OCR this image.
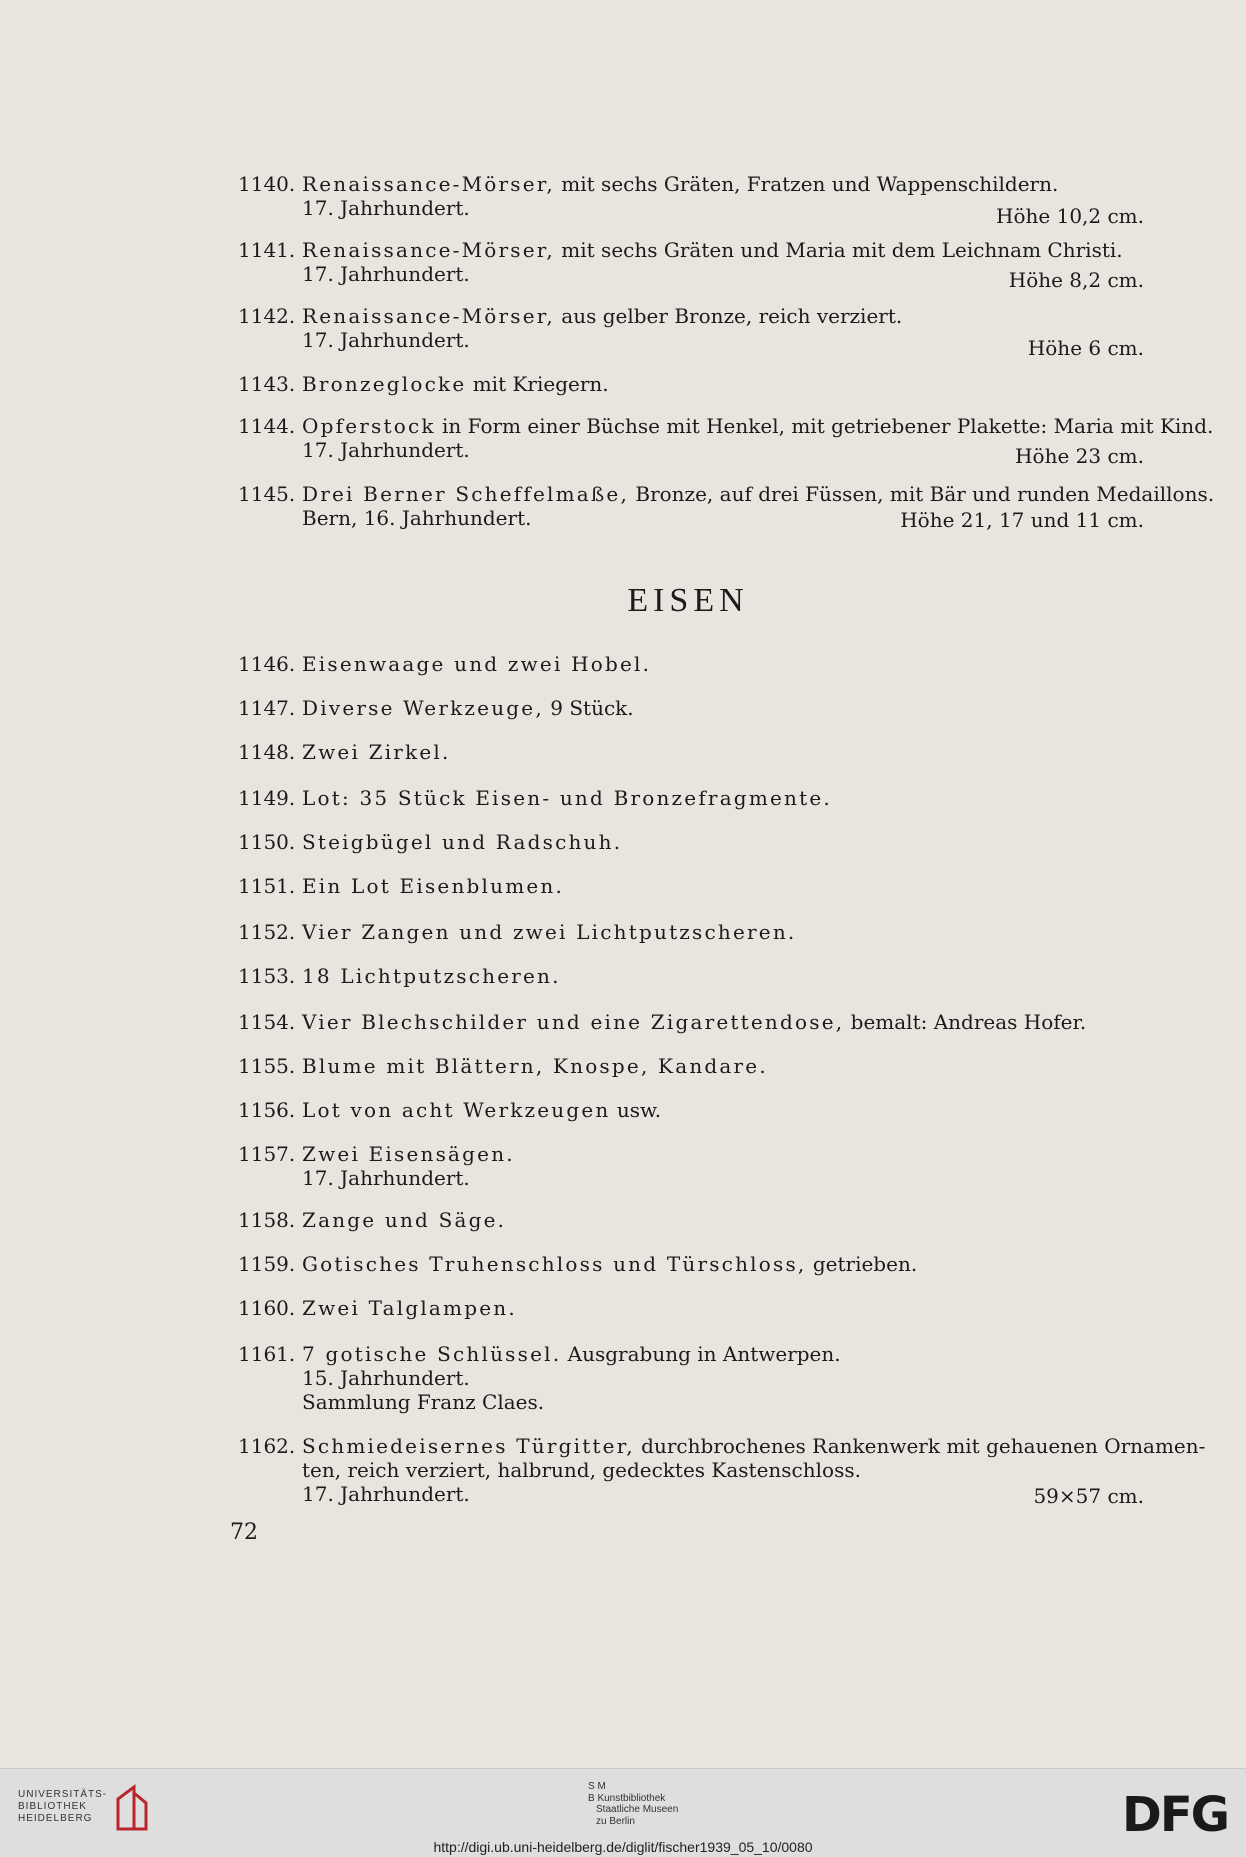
1140. Renaissance-Mörser, mit sechs Gräten, Fratzen und Wappenschildern.
17. Jahrhundert.	Höhe 10,2 cm.
1141. Renaissance-Mörser, mit sechs Gräten und Maria mit dem Leichnam Christi.
17. Jahrhundert.	Höhe 8,2 cm.
1142. Renaissance-Mörser, aus gelber Bronze, reich verziert.
17. Jahrhundert.	Höhe 6 cm.
1143. Bronzeglocke mit Kriegern.
1144. Opferstock in Form einer Büchse mit Henkel, mit getriebener Plakette: Maria mit Kind.
17. Jahrhundert.	Höhe 23 cm.
1145. Drei Berner Scheffelmaße, Bronze, auf drei Füssen, mit Bär und runden Medaillons.
Bern, 16. Jahrhundert.	Höhe 21, 17 und 11 cm.
EISEN
1146. Eisenwaage und zwei Hobel.
1147. Diverse Werkzeuge, 9 Stück.
1148. Zwei Zirkel.
1149. Lot: 35 Stück Eisen- und Bronzefragmente.
1150. Steigbügel und Radschuh.
1151. Ein Lot Eisenblumen.
1152. Vier Zangen und zwei Lichtputzscheren.
1153. 18 Lichtputzscheren.
1154. Vier Blechschilder und eine Zigarettendose, bemalt: Andreas Hofer.
1155. Blume mit Blättern, Knospe, Kandare.
1156. Lot von acht Werkzeugen usw.
1157. Zwei Eisensägen.
17. Jahrhundert.
1158. Zange und Säge.
1159. Gotisches Truhenschloss und Türschloss, getrieben.
1160. Zwei Talglampen.
1161. 7 gotische Schlüssel. Ausgrabung in Antwerpen.
15. Jahrhundert.
Sammlung Franz Claes.
1162. Schmiedeisernes Türgitter, durchbrochenes Rankenwerk mit gehauenen Ornamen-
ten, reich verziert, halbrund, gedecktes Kastenschloss.
17. Jahrhundert.	59×57 cm.
72
UNIVERSITÄTS-
BIBLIOTHEK
HEIDELBERG
S M
B Kunstbibliothek
Staatliche Museen
zu Berlin	DFG
http://digi.ub.uni-heidelberg.de/diglit/fischer1939_05_10/0080
